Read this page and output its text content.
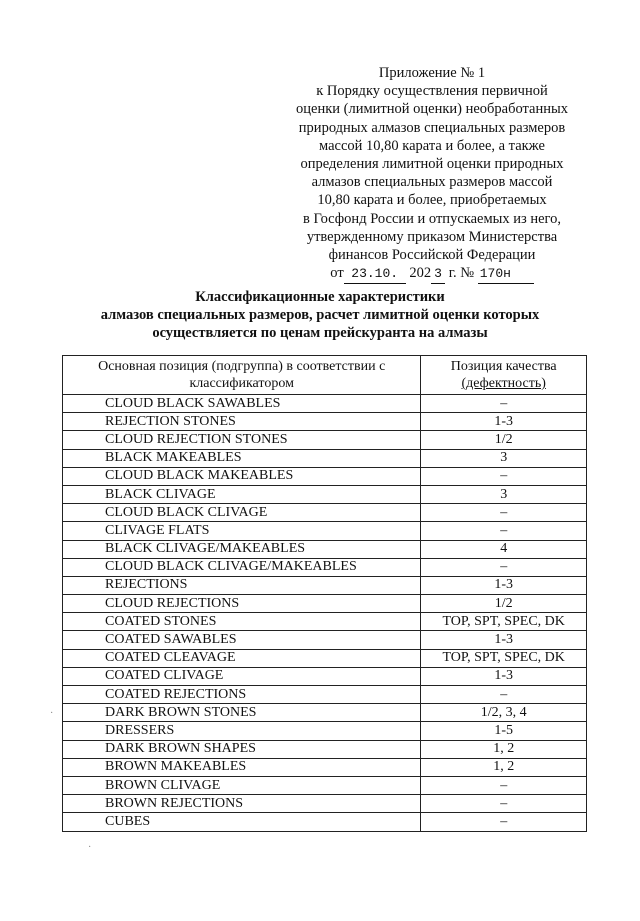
Приложение № 1
к Порядку осуществления первичной
оценки (лимитной оценки) необработанных
природных алмазов специальных размеров
массой 10,80 карата и более, а также
определения лимитной оценки природных
алмазов специальных размеров массой
10,80 карата и более, приобретаемых
в Госфонд России и отпускаемых из него,
утвержденному приказом Министерства
финансов Российской Федерации
от 23.10. 202 3 г. № 170н
Классификационные характеристики
алмазов специальных размеров, расчет лимитной оценки которых
осуществляется по ценам прейскуранта на алмазы
Основная позиция (подгруппа) в соответствии с
классификатором	Позиция качества
(дефектность)
CLOUD BLACK SAWABLES	–
REJECTION STONES	1-3
CLOUD REJECTION STONES	1/2
BLACK MAKEABLES	3
CLOUD BLACK MAKEABLES	–
BLACK CLIVAGE	3
CLOUD BLACK CLIVAGE	–
CLIVAGE FLATS	–
BLACK CLIVAGE/MAKEABLES	4
CLOUD BLACK CLIVAGE/MAKEABLES	–
REJECTIONS	1-3
CLOUD REJECTIONS	1/2
COATED STONES	TOP, SPT, SPEC, DK
COATED SAWABLES	1-3
COATED CLEAVAGE	TOP, SPT, SPEC, DK
COATED CLIVAGE	1-3
COATED REJECTIONS	–
DARK BROWN STONES	1/2, 3, 4
DRESSERS	1-5
DARK BROWN SHAPES	1, 2
BROWN MAKEABLES	1, 2
BROWN CLIVAGE	–
BROWN REJECTIONS	–
CUBES	–
·
·
